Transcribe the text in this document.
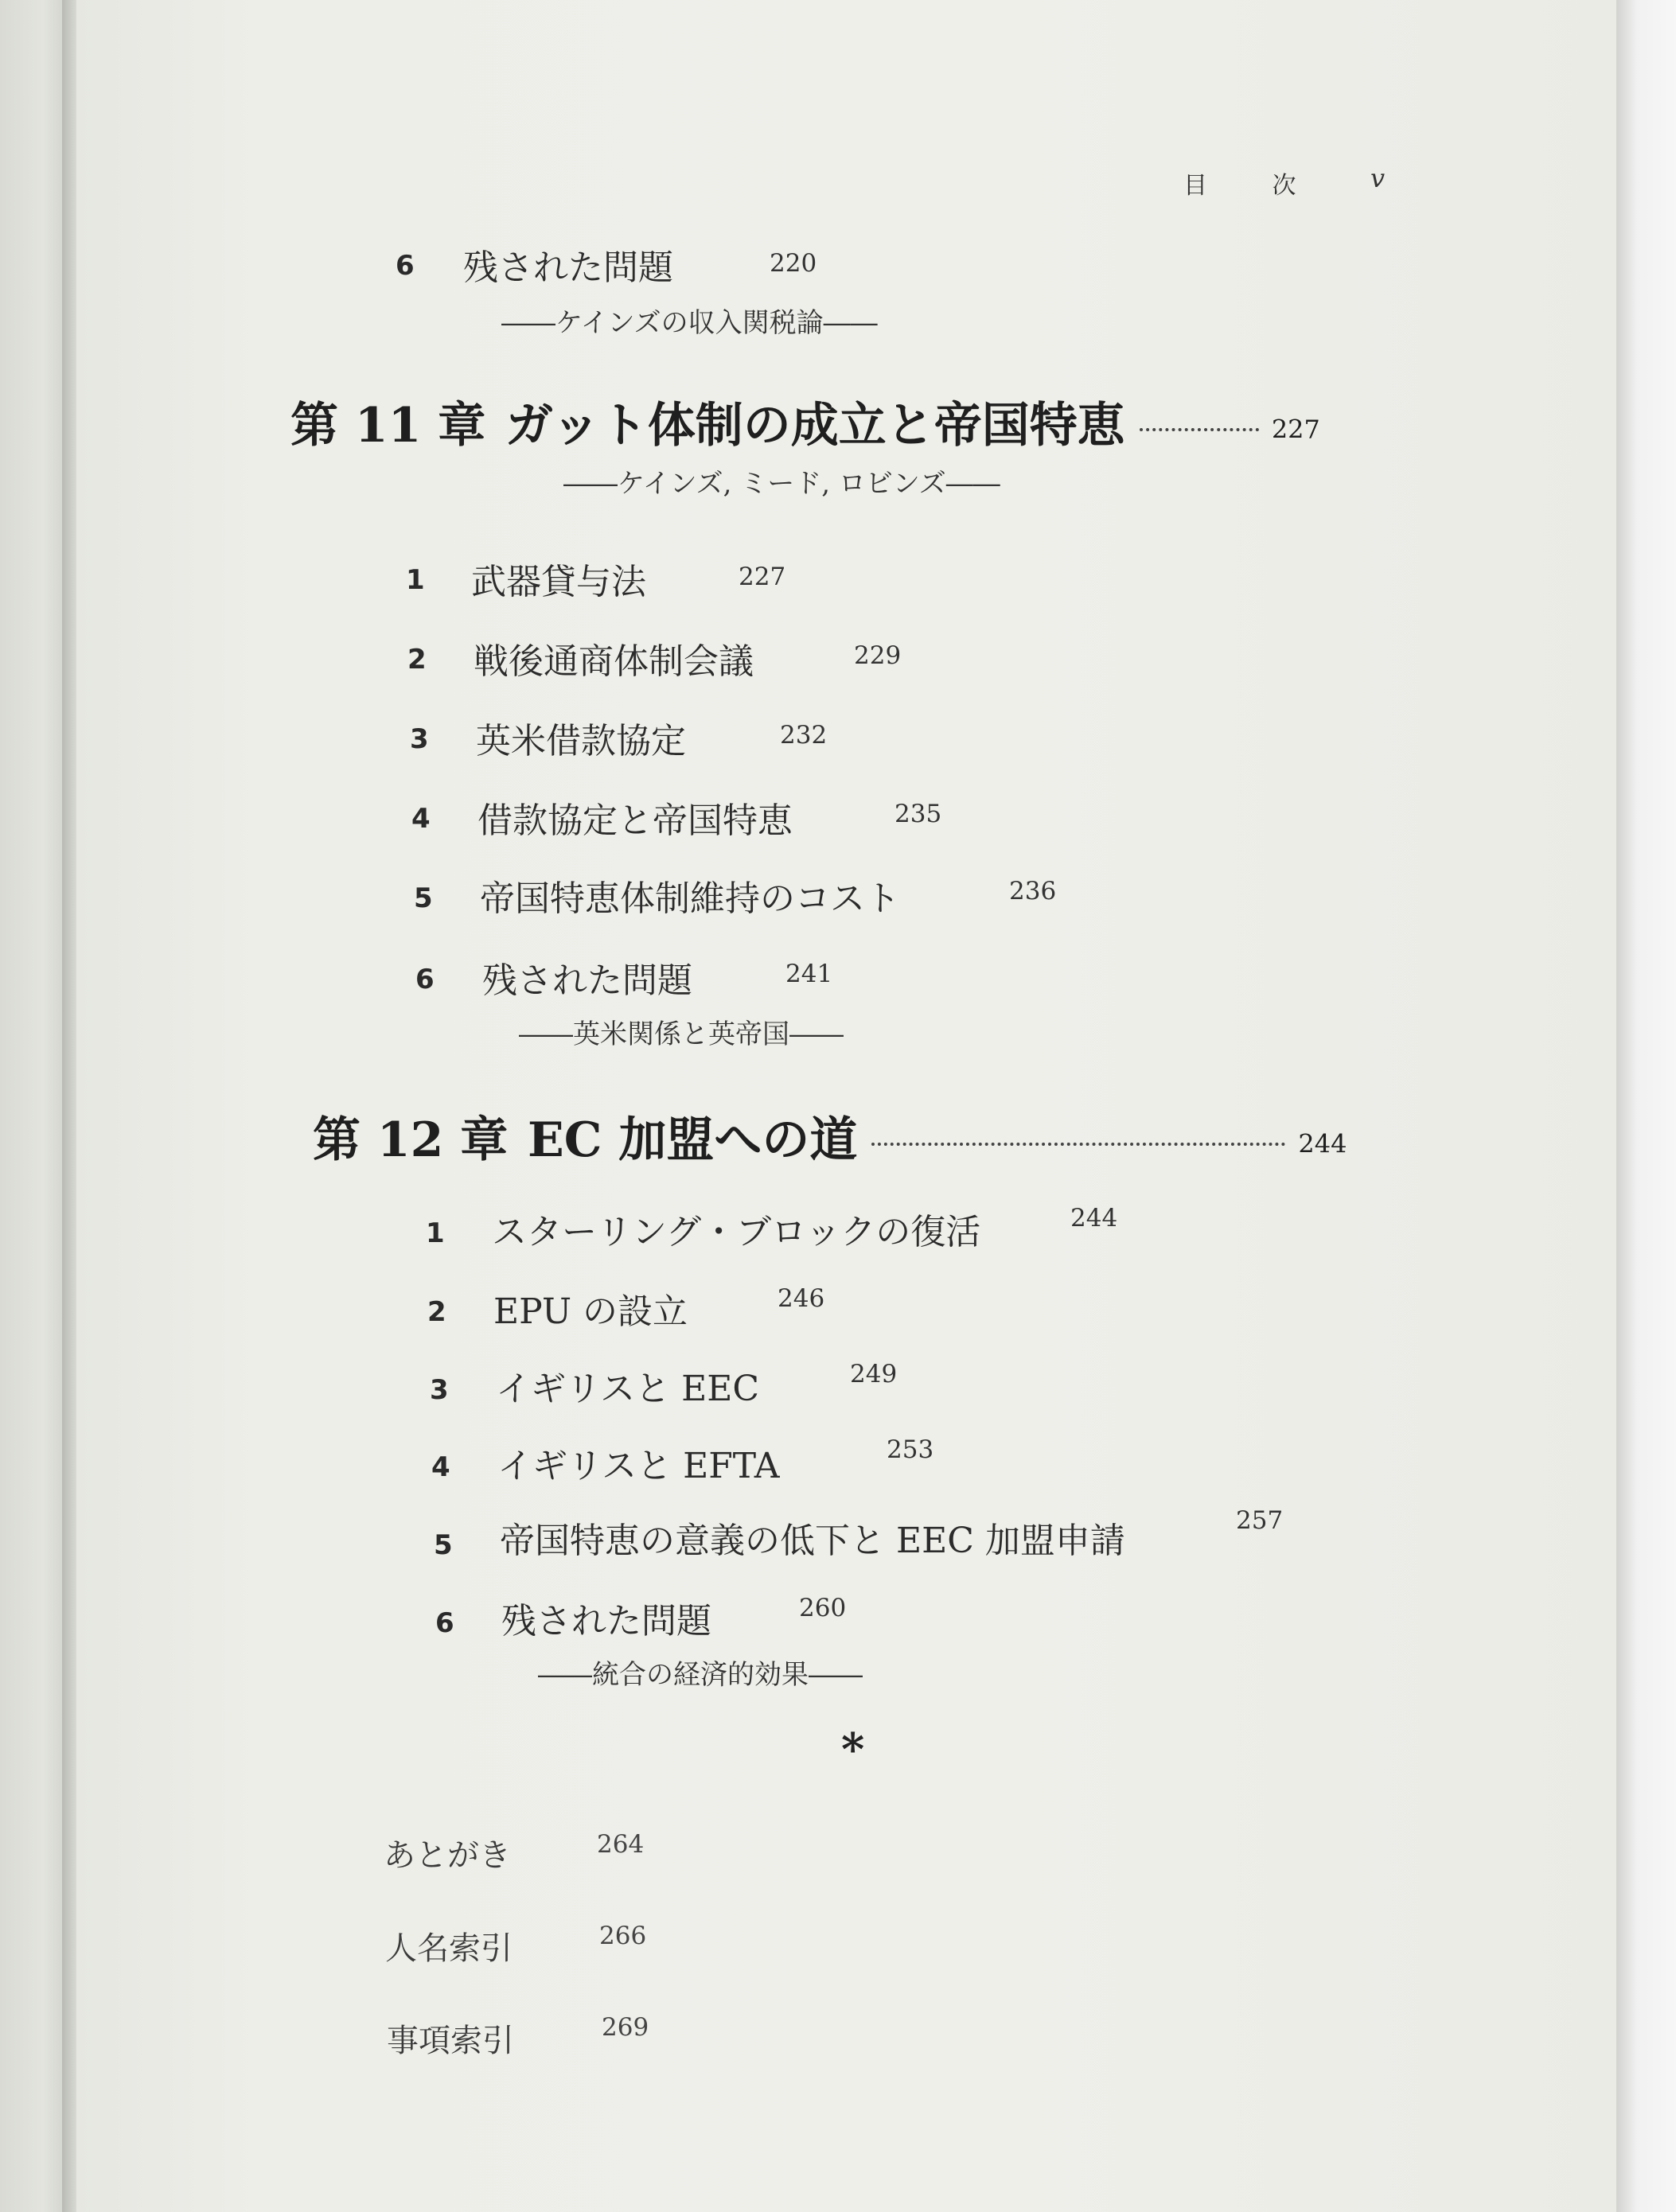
目 次 v
6 残された問題	220
――ケインズの収入関税論――
第 11 章 ガット体制の成立と帝国特恵	227
――ケインズ, ミード, ロビンズ――
1 武器貸与法	227
2 戦後通商体制会議	229
3 英米借款協定	232
4 借款協定と帝国特恵	235
5 帝国特恵体制維持のコスト	236
6 残された問題	241
――英米関係と英帝国――
第 12 章 EC 加盟への道	244
1 スターリング・ブロックの復活	244
2 EPU の設立	246
3 イギリスと EEC	249
4 イギリスと EFTA	253
5 帝国特恵の意義の低下と EEC 加盟申請	257
6 残された問題	260
――統合の経済的効果――
*
あとがき	264
人名索引	266
事項索引	269
